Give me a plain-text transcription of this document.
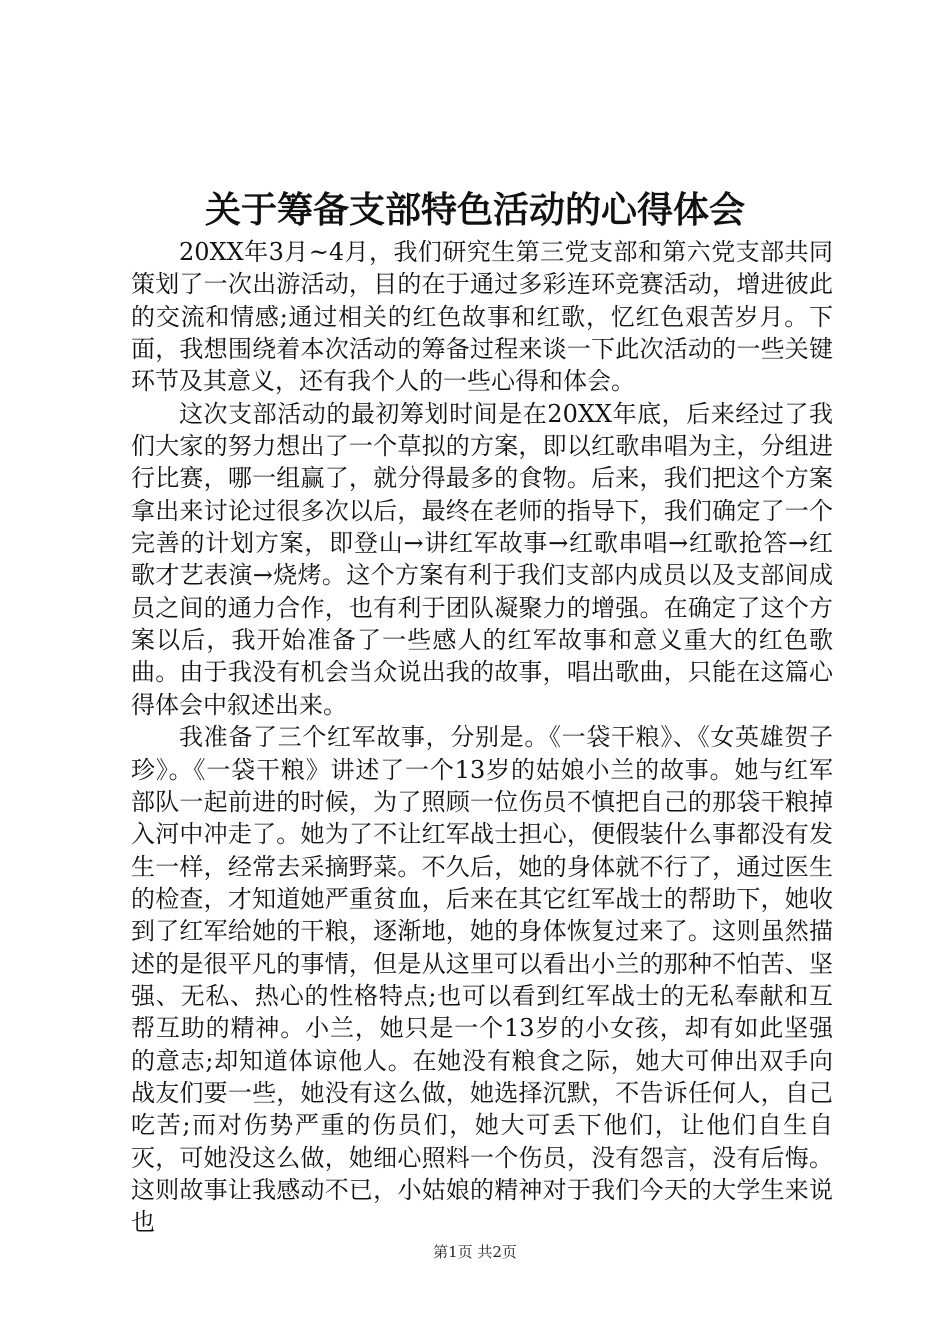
关于筹备支部特色活动的心得体会

20XX年3月~4月，我们研究生第三党支部和第六党支部共同策划了一次出游活动，目的在于通过多彩连环竞赛活动，增进彼此的交流和情感;通过相关的红色故事和红歌，忆红色艰苦岁月。下面，我想围绕着本次活动的筹备过程来谈一下此次活动的一些关键环节及其意义，还有我个人的一些心得和体会。

这次支部活动的最初筹划时间是在20XX年底，后来经过了我们大家的努力想出了一个草拟的方案，即以红歌串唱为主，分组进行比赛，哪一组赢了，就分得最多的食物。后来，我们把这个方案拿出来讨论过很多次以后，最终在老师的指导下，我们确定了一个完善的计划方案，即登山→讲红军故事→红歌串唱→红歌抢答→红歌才艺表演→烧烤。这个方案有利于我们支部内成员以及支部间成员之间的通力合作，也有利于团队凝聚力的增强。在确定了这个方案以后，我开始准备了一些感人的红军故事和意义重大的红色歌曲。由于我没有机会当众说出我的故事，唱出歌曲，只能在这篇心得体会中叙述出来。

我准备了三个红军故事，分别是。《一袋干粮》、《女英雄贺子珍》。《一袋干粮》讲述了一个13岁的姑娘小兰的故事。她与红军部队一起前进的时候，为了照顾一位伤员不慎把自己的那袋干粮掉入河中冲走了。她为了不让红军战士担心，便假装什么事都没有发生一样，经常去采摘野菜。不久后，她的身体就不行了，通过医生的检查，才知道她严重贫血，后来在其它红军战士的帮助下，她收到了红军给她的干粮，逐渐地，她的身体恢复过来了。这则虽然描述的是很平凡的事情，但是从这里可以看出小兰的那种不怕苦、坚强、无私、热心的性格特点;也可以看到红军战士的无私奉献和互帮互助的精神。小兰，她只是一个13岁的小女孩，却有如此坚强的意志;却知道体谅他人。在她没有粮食之际，她大可伸出双手向战友们要一些，她没有这么做，她选择沉默，不告诉任何人，自己吃苦;而对伤势严重的伤员们，她大可丢下他们，让他们自生自灭，可她没这么做，她细心照料一个伤员，没有怨言，没有后悔。这则故事让我感动不已，小姑娘的精神对于我们今天的大学生来说也

第1页 共2页
